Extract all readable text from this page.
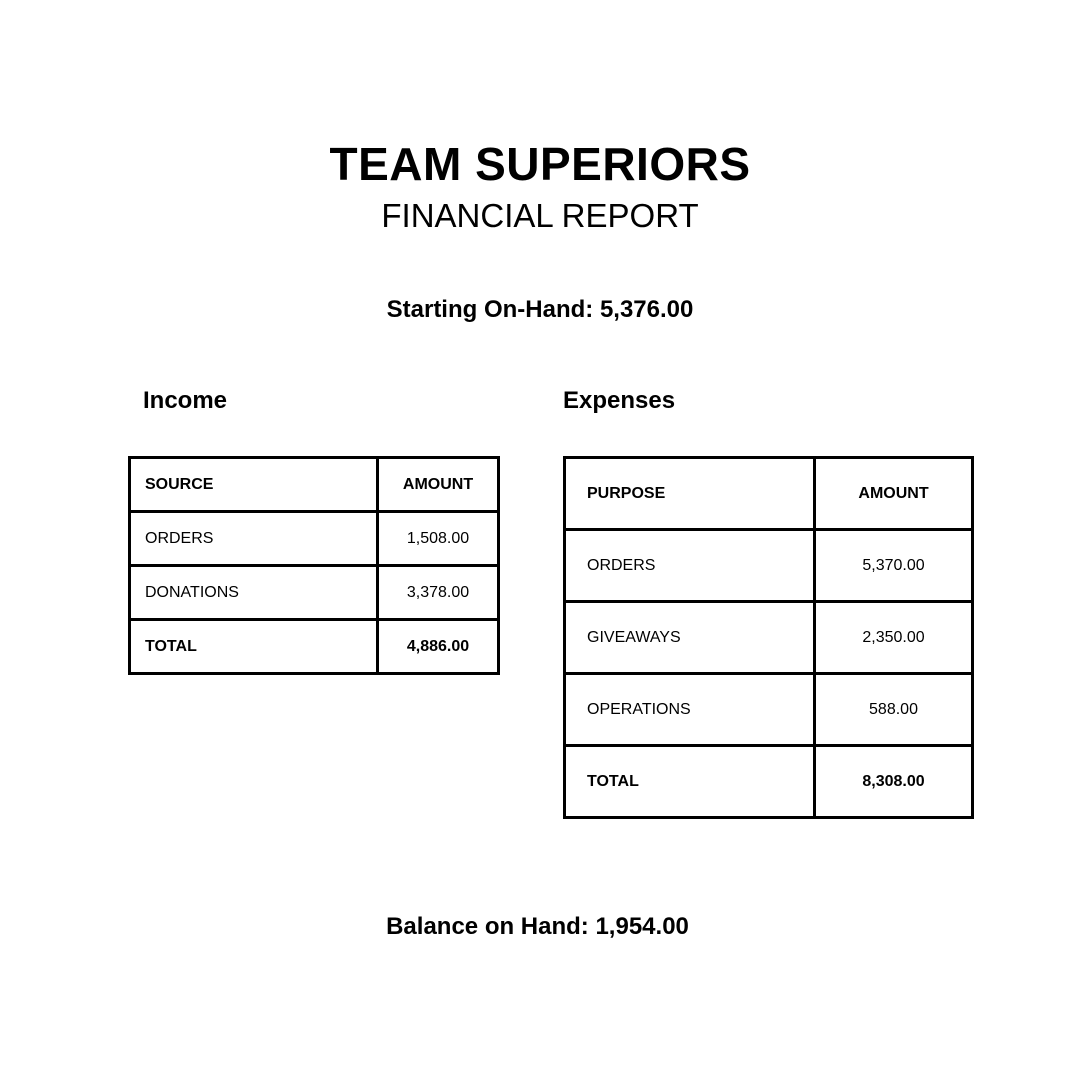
TEAM SUPERIORS
FINANCIAL REPORT
Starting On-Hand: 5,376.00
Income	Expenses
SOURCE	AMOUNT
ORDERS	1,508.00
DONATIONS	3,378.00
TOTAL	4,886.00
PURPOSE	AMOUNT
ORDERS	5,370.00
GIVEAWAYS	2,350.00
OPERATIONS	588.00
TOTAL	8,308.00
Balance on Hand: 1,954.00
